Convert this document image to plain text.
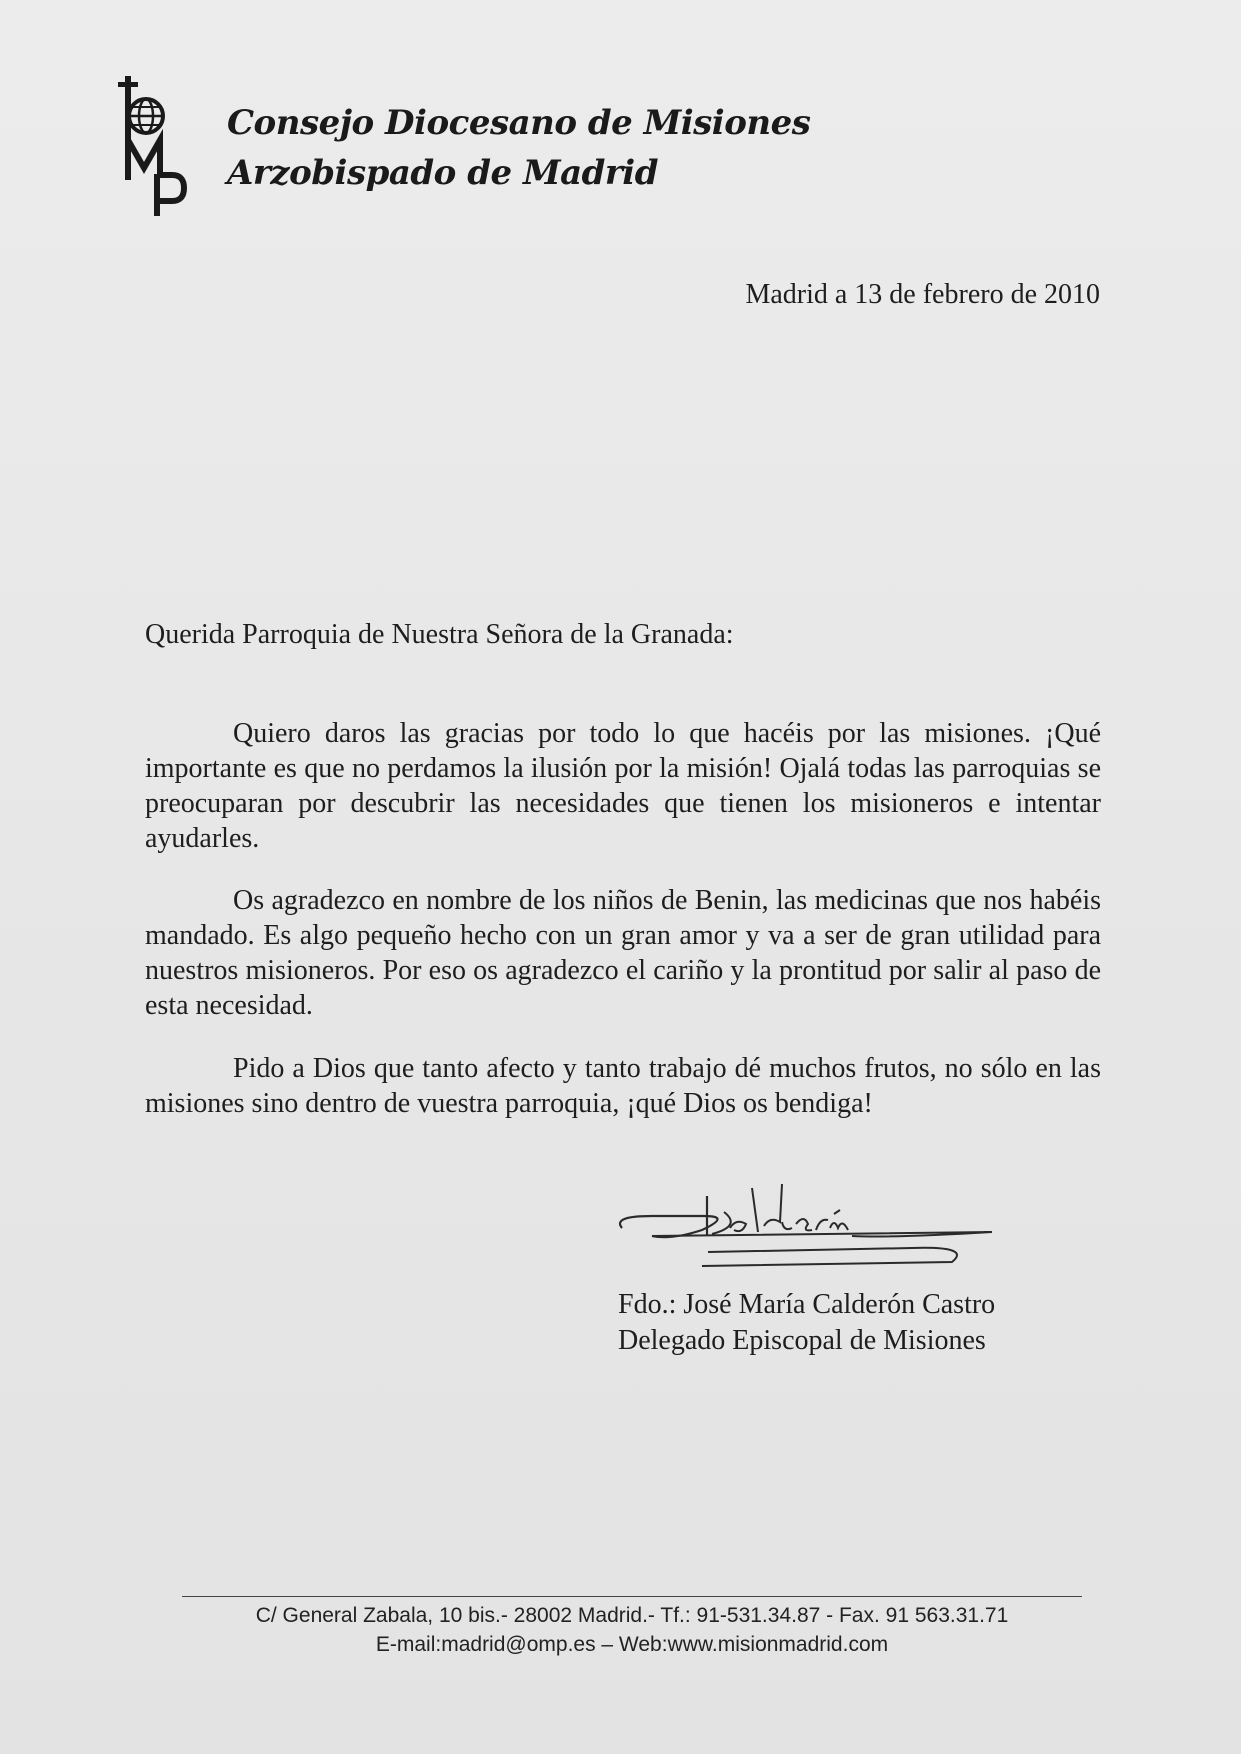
Consejo Diocesano de Misiones
Arzobispado de Madrid
Madrid a 13 de febrero de 2010
Querida Parroquia de Nuestra Señora de la Granada:

Quiero daros las gracias por todo lo que hacéis por las misiones. ¡Qué importante es que no perdamos la ilusión por la misión! Ojalá todas las parroquias se preocuparan por descubrir las necesidades que tienen los misioneros e intentar ayudarles.

Os agradezco en nombre de los niños de Benin, las medicinas que nos habéis mandado. Es algo pequeño hecho con un gran amor y va a ser de gran utilidad para nuestros misioneros. Por eso os agradezco el cariño y la prontitud por salir al paso de esta necesidad.

Pido a Dios que tanto afecto y tanto trabajo dé muchos frutos, no sólo en las misiones sino dentro de vuestra parroquia, ¡qué Dios os bendiga!

Fdo.: José María Calderón Castro
Delegado Episcopal de Misiones
C/ General Zabala, 10 bis.- 28002 Madrid.- Tf.: 91-531.34.87 - Fax. 91 563.31.71
E-mail:madrid@omp.es – Web:www.misionmadrid.com
